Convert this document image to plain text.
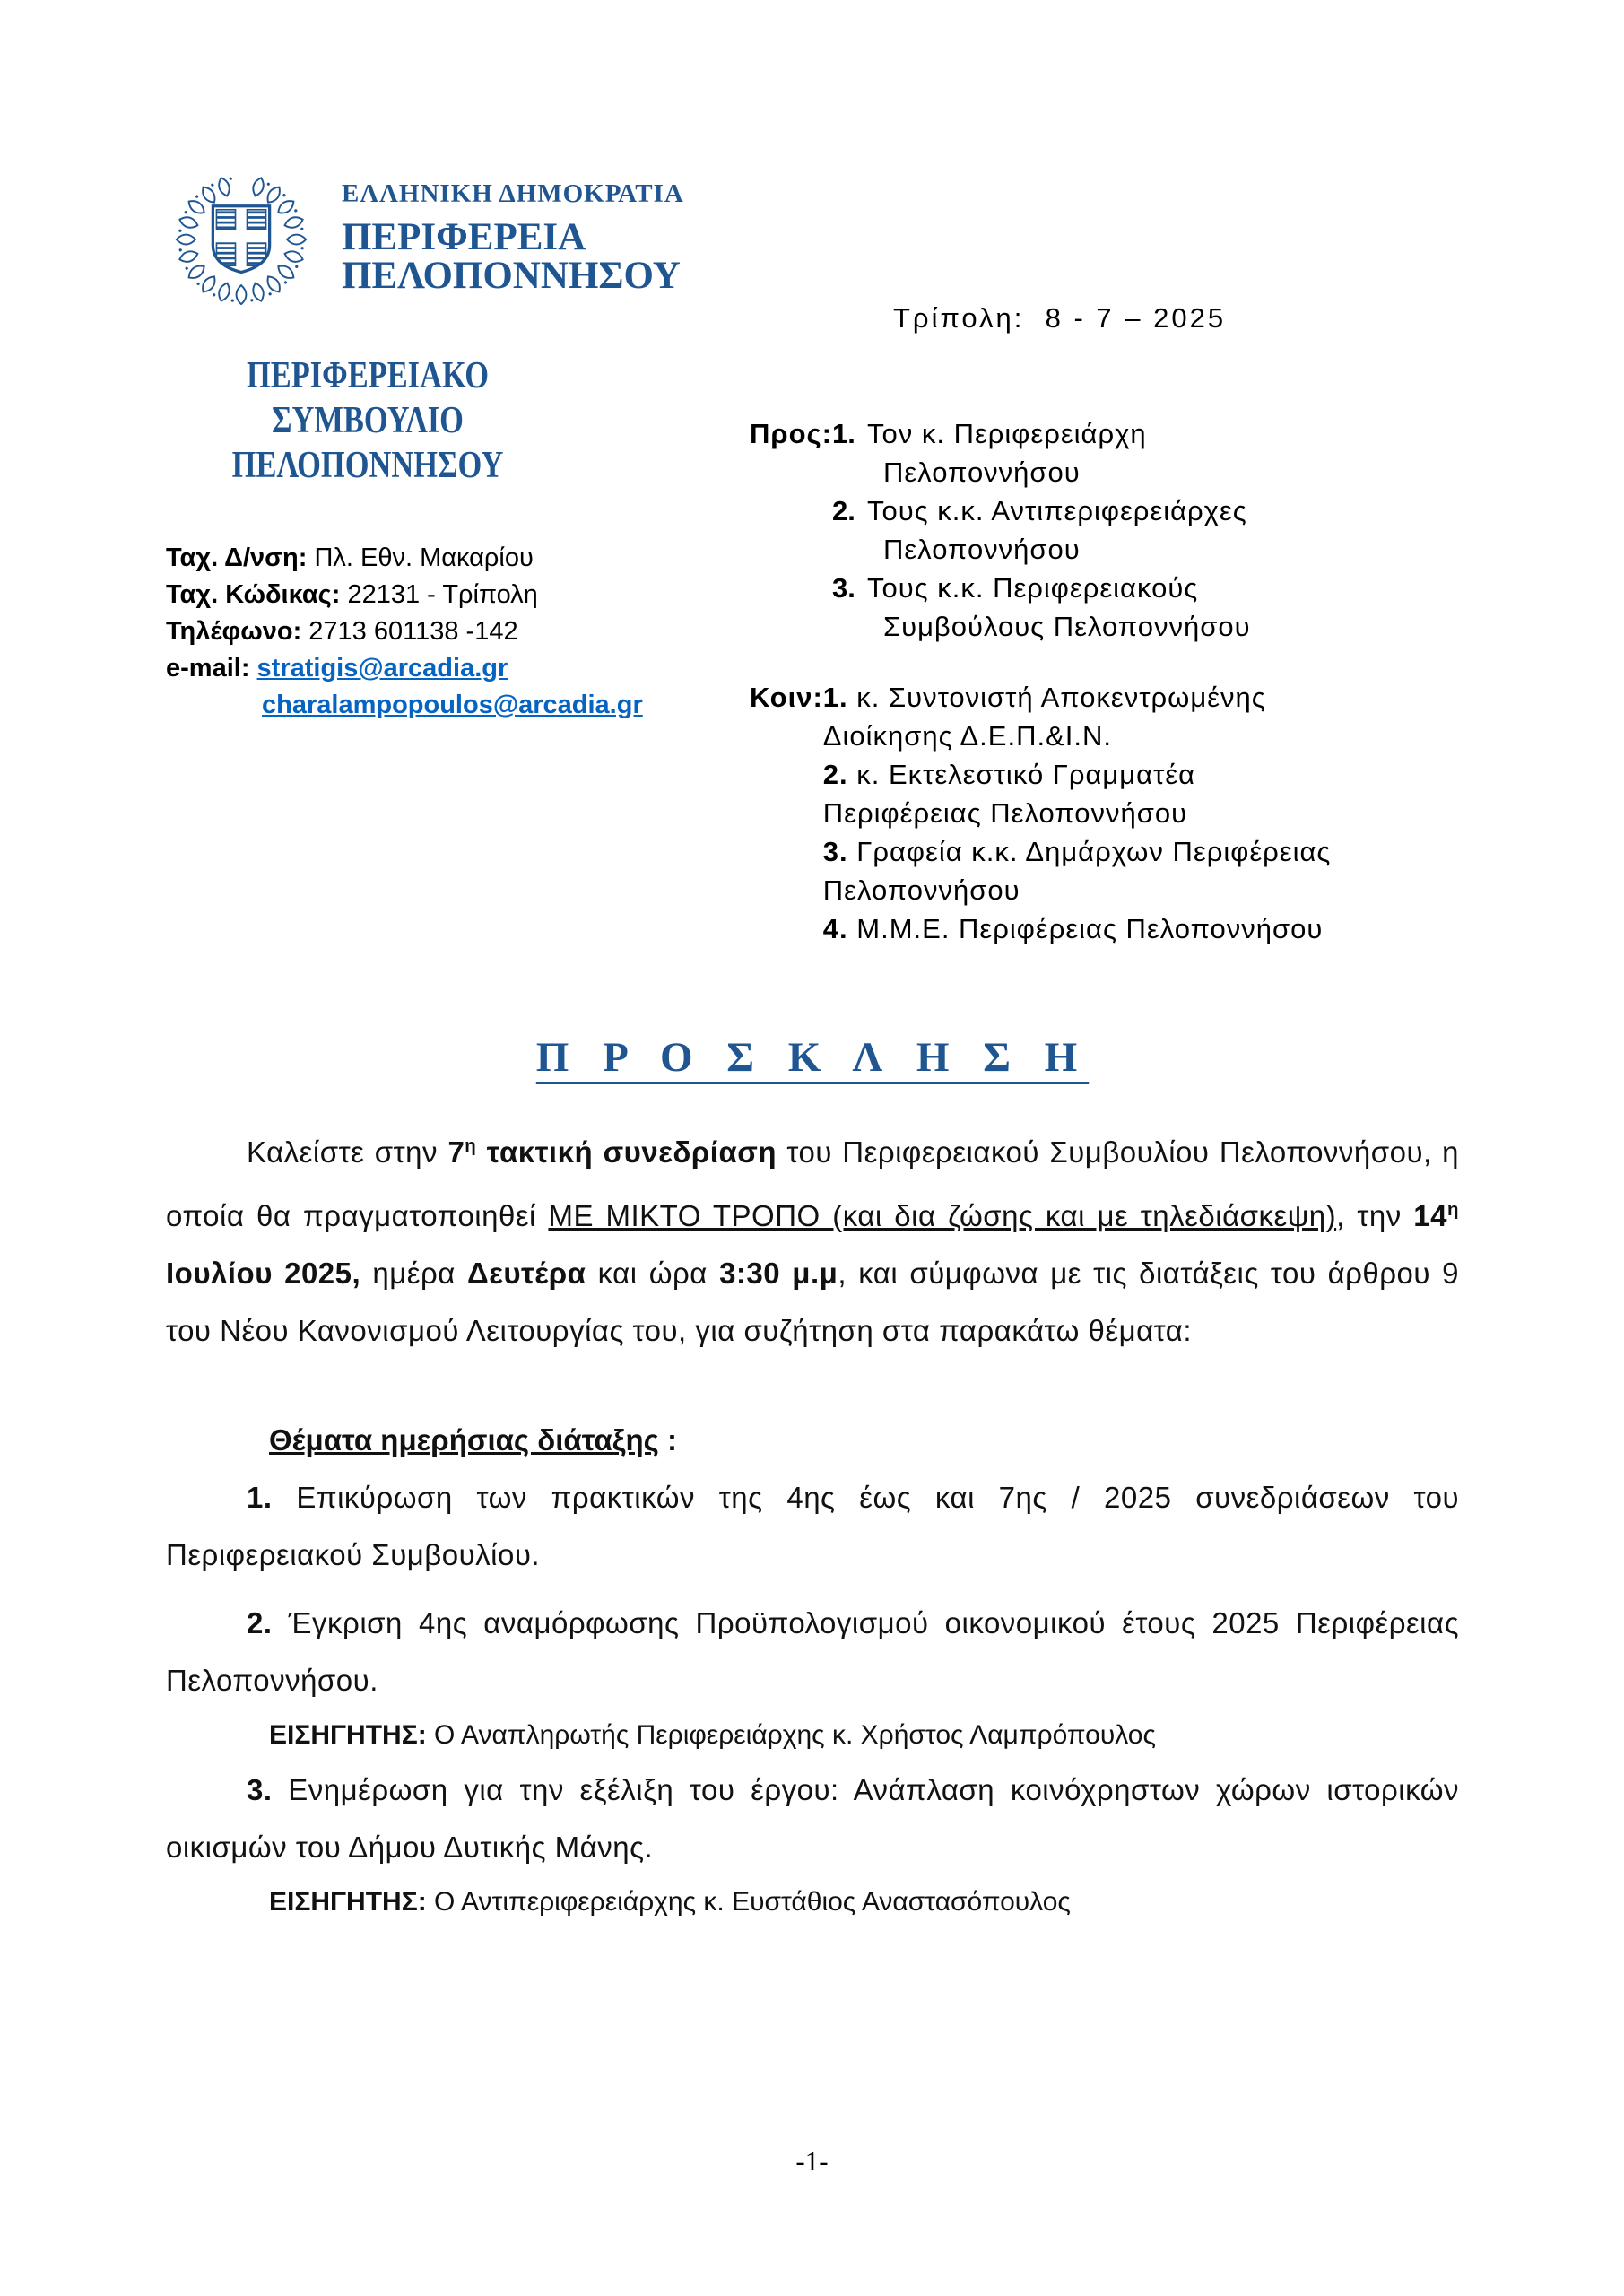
ΕΛΛΗΝΙΚΗ ΔΗΜΟΚΡΑΤΙΑ
ΠΕΡΙΦΕΡΕΙΑ
ΠΕΛΟΠΟΝΝΗΣΟΥ
ΠΕΡΙΦΕΡΕΙΑΚΟ ΣΥΜΒΟΥΛΙΟ
ΠΕΛΟΠΟΝΝΗΣΟΥ
Ταχ. Δ/νση: Πλ. Εθν. Μακαρίου
Ταχ. Κώδικας: 22131 - Τρίπολη
Τηλέφωνο: 2713 601138 -142
e-mail: stratigis@arcadia.gr
charalampopoulos@arcadia.gr
Τρίπολη:  8 - 7 – 2025
Προς: 1. Τον κ. Περιφερειάρχη Πελοποννήσου
2. Τους κ.κ. Αντιπεριφερειάρχες Πελοποννήσου
3. Τους κ.κ. Περιφερειακούς Συμβούλους Πελοποννήσου
Κοιν: 1. κ. Συντονιστή Αποκεντρωμένης Διοίκησης Δ.Ε.Π.&Ι.Ν.
2. κ. Εκτελεστικό Γραμματέα Περιφέρειας Πελοποννήσου
3. Γραφεία κ.κ. Δημάρχων Περιφέρειας Πελοποννήσου
4. Μ.Μ.Ε. Περιφέρειας Πελοποννήσου

Π Ρ Ο Σ Κ Λ Η Σ Η

Καλείστε στην $7^\eta$ τακτική συνεδρίαση του Περιφερειακού Συμβουλίου Πελοποννήσου, η οποία θα πραγματοποιηθεί ΜΕ ΜΙΚΤΟ ΤΡΟΠΟ (και δια ζώσης και με τηλεδιάσκεψη), την $14^\eta$ Ιουλίου 2025, ημέρα Δευτέρα και ώρα 3:30 μ.μ, και σύμφωνα με τις διατάξεις του άρθρου 9 του Νέου Κανονισμού Λειτουργίας του, για συζήτηση στα παρακάτω θέματα:

Θέματα ημερήσιας διάταξης :

1. Επικύρωση των πρακτικών της 4ης έως και 7ης / 2025 συνεδριάσεων του Περιφερειακού Συμβουλίου.

2. Έγκριση 4ης αναμόρφωσης Προϋπολογισμού οικονομικού έτους 2025 Περιφέρειας Πελοποννήσου.

ΕΙΣΗΓΗΤΗΣ: Ο Αναπληρωτής Περιφερειάρχης κ. Χρήστος Λαμπρόπουλος

3. Ενημέρωση για την εξέλιξη του έργου: Ανάπλαση κοινόχρηστων χώρων ιστορικών οικισμών του Δήμου Δυτικής Μάνης.

ΕΙΣΗΓΗΤΗΣ: Ο Αντιπεριφερειάρχης κ. Ευστάθιος Αναστασόπουλος

-1-
